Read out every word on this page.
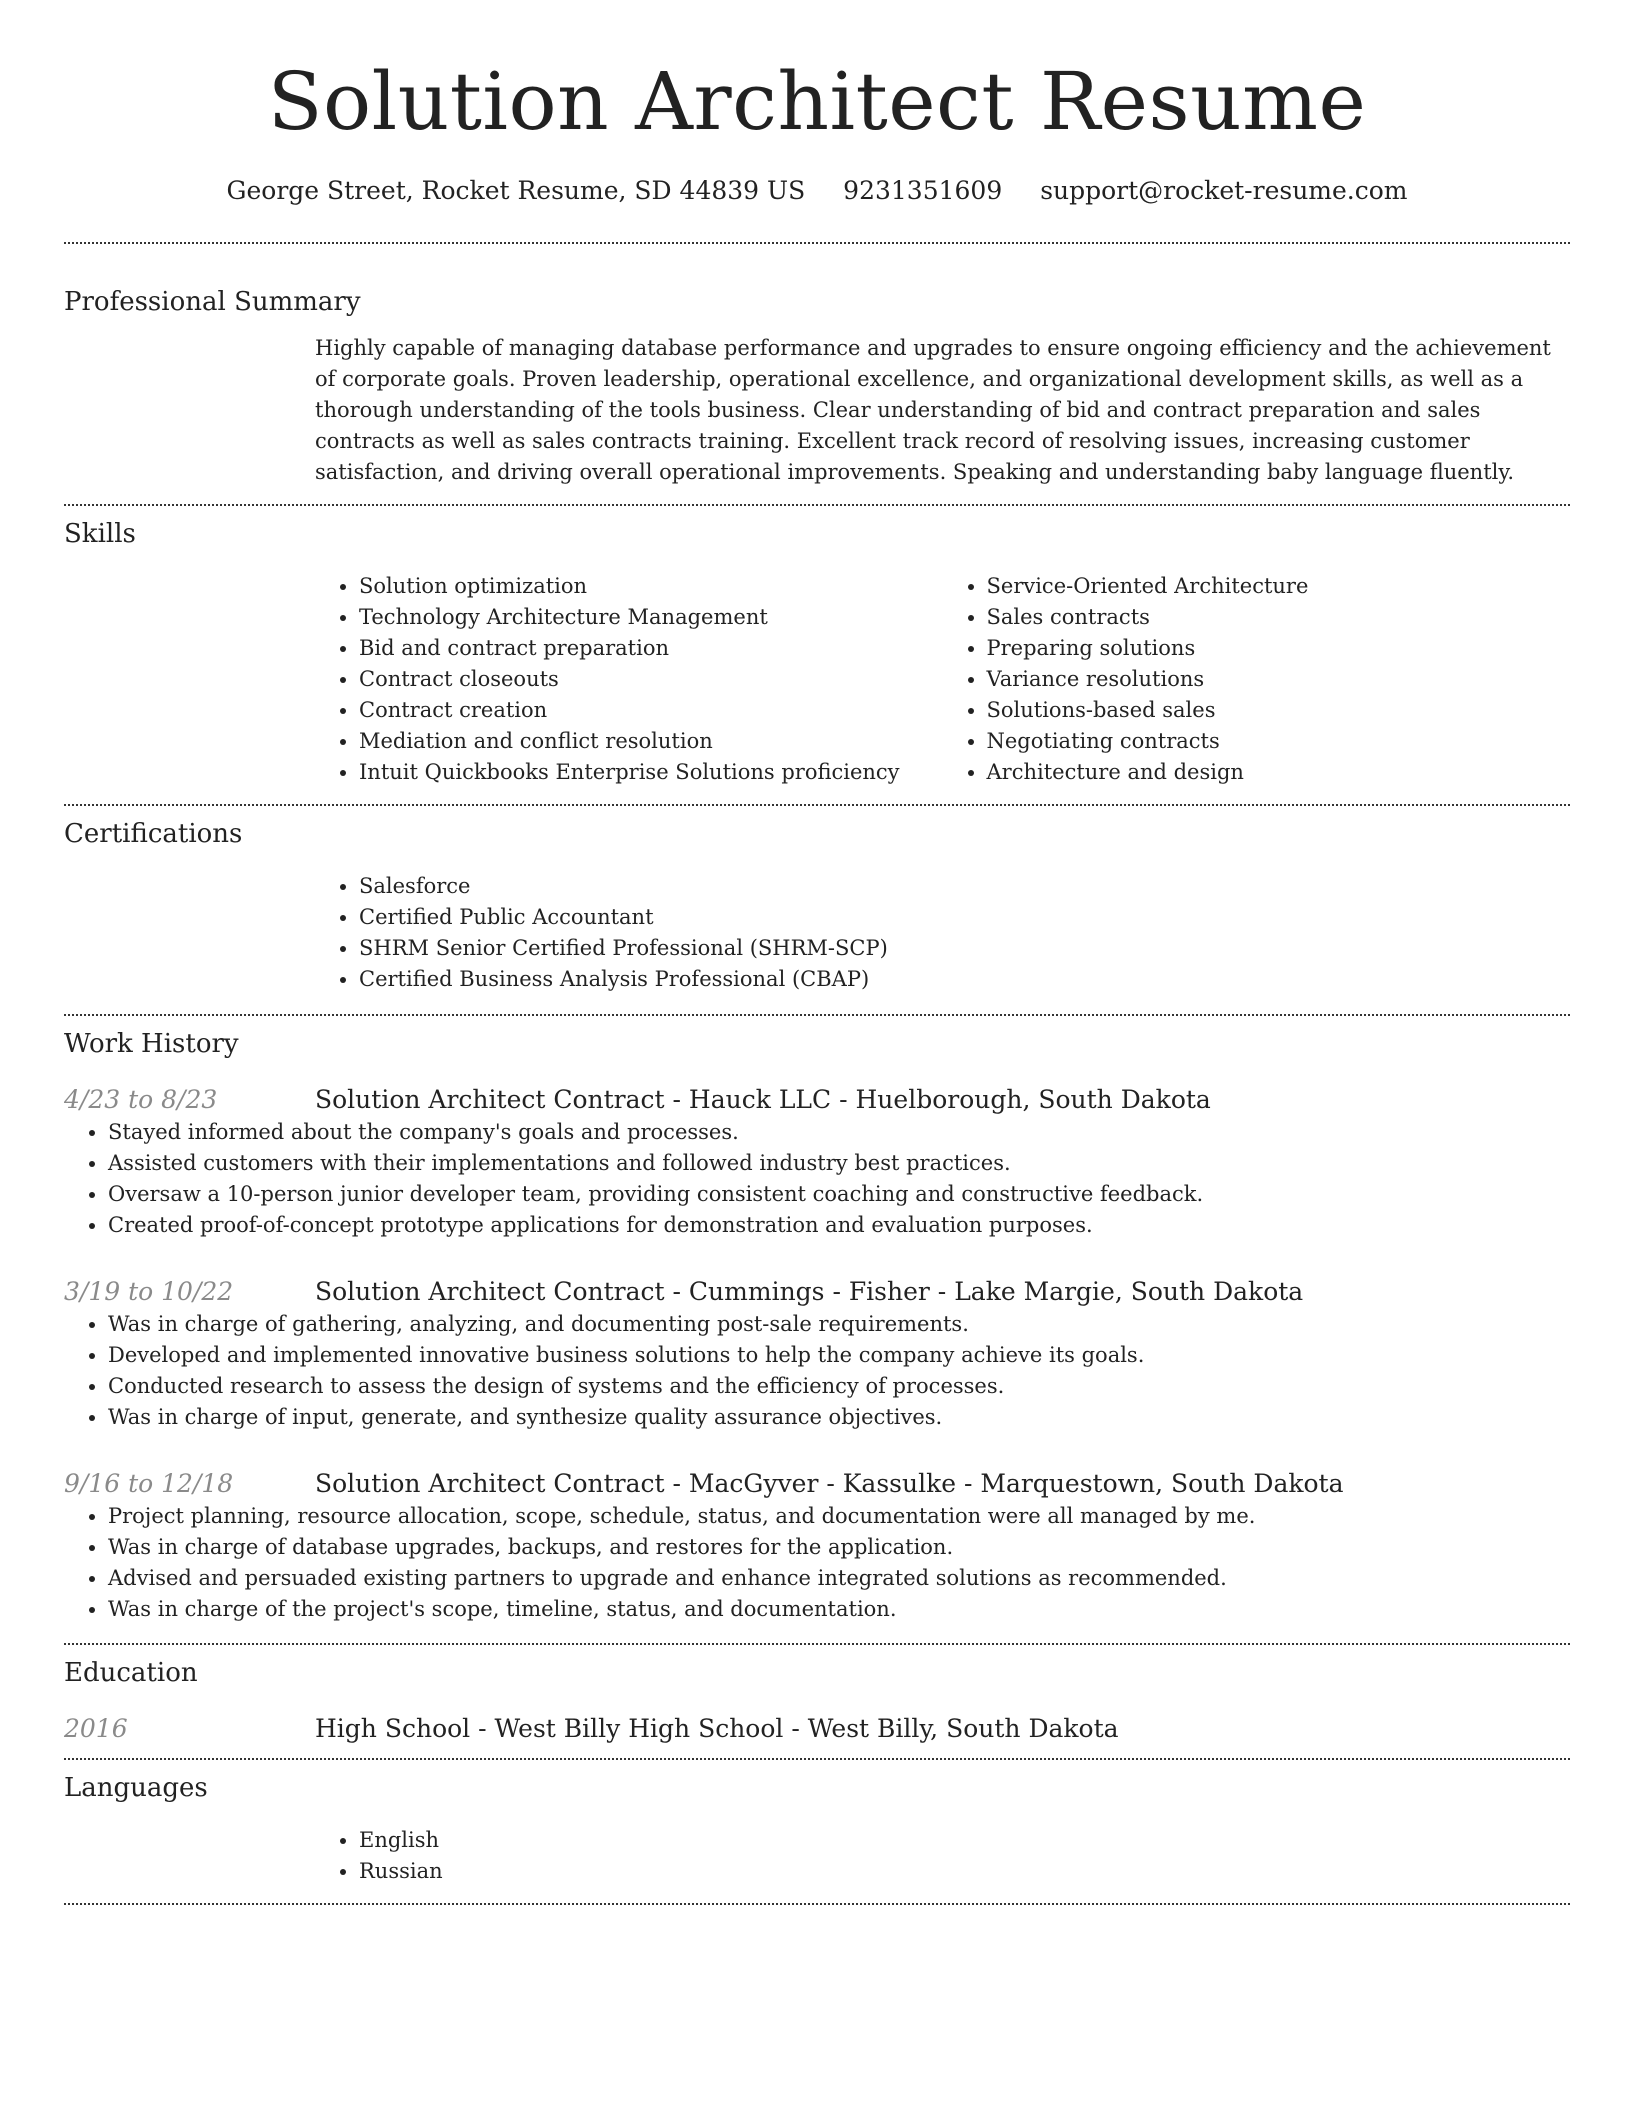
Solution Architect Resume
George Street, Rocket Resume, SD 44839 US 9231351609 support@rocket-resume.com
Professional Summary

Highly capable of managing database performance and upgrades to ensure ongoing efficiency and the achievement of corporate goals. Proven leadership, operational excellence, and organizational development skills, as well as a thorough understanding of the tools business. Clear understanding of bid and contract preparation and sales contracts as well as sales contracts training. Excellent track record of resolving issues, increasing customer satisfaction, and driving overall operational improvements. Speaking and understanding baby language fluently.

Skills
• Solution optimization
• Technology Architecture Management
• Bid and contract preparation
• Contract closeouts
• Contract creation
• Mediation and conflict resolution
• Intuit Quickbooks Enterprise Solutions proficiency
• Service-Oriented Architecture
• Sales contracts
• Preparing solutions
• Variance resolutions
• Solutions-based sales
• Negotiating contracts
• Architecture and design
Certifications
• Salesforce
• Certified Public Accountant
• SHRM Senior Certified Professional (SHRM-SCP)
• Certified Business Analysis Professional (CBAP)
Work History
4/23 to 8/23	Solution Architect Contract - Hauck LLC - Huelborough, South Dakota
• Stayed informed about the company's goals and processes.
• Assisted customers with their implementations and followed industry best practices.
• Oversaw a 10-person junior developer team, providing consistent coaching and constructive feedback.
• Created proof-of-concept prototype applications for demonstration and evaluation purposes.
3/19 to 10/22	Solution Architect Contract - Cummings - Fisher - Lake Margie, South Dakota
• Was in charge of gathering, analyzing, and documenting post-sale requirements.
• Developed and implemented innovative business solutions to help the company achieve its goals.
• Conducted research to assess the design of systems and the efficiency of processes.
• Was in charge of input, generate, and synthesize quality assurance objectives.
9/16 to 12/18	Solution Architect Contract - MacGyver - Kassulke - Marquestown, South Dakota
• Project planning, resource allocation, scope, schedule, status, and documentation were all managed by me.
• Was in charge of database upgrades, backups, and restores for the application.
• Advised and persuaded existing partners to upgrade and enhance integrated solutions as recommended.
• Was in charge of the project's scope, timeline, status, and documentation.
Education
2016	High School - West Billy High School - West Billy, South Dakota
Languages
• English
• Russian
